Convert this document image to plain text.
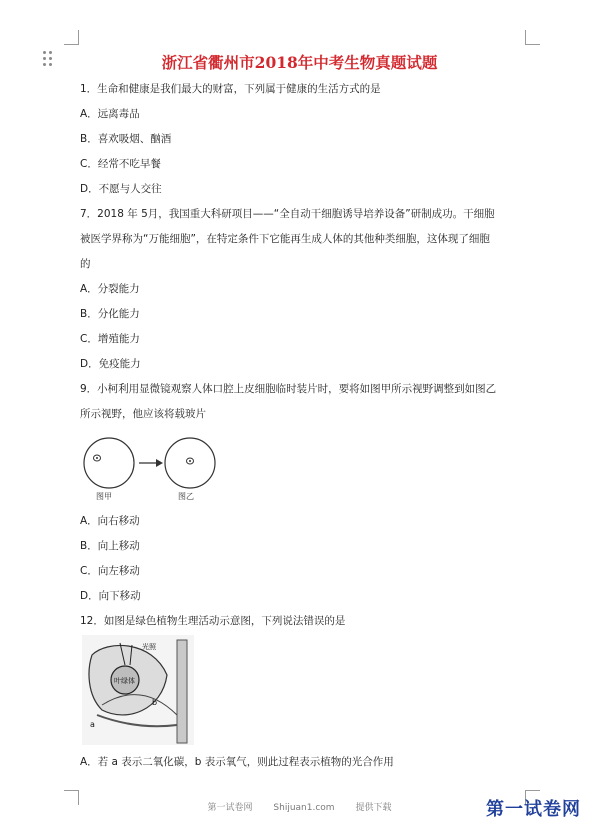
浙江省衢州市2018年中考生物真题试题
1．生命和健康是我们最大的财富，下列属于健康的生活方式的是
A．远离毒品
B．喜欢吸烟、酗酒
C．经常不吃早餐
D．不愿与人交往
7．2018 年 5月，我国重大科研项目——“全自动干细胞诱导培养设备”研制成功。干细胞
被医学界称为“万能细胞”，在特定条件下它能再生成人体的其他种类细胞，这体现了细胞
的
A．分裂能力
B．分化能力
C．增殖能力
D．免疫能力
9．小柯利用显微镜观察人体口腔上皮细胞临时装片时，要将如图甲所示视野调整到如图乙
所示视野，他应该将载玻片
图甲	图乙
A．向右移动
B．向上移动
C．向左移动
D．向下移动
12．如图是绿色植物生理活动示意图，下列说法错误的是
叶绿体
光照
a
b
A．若 a 表示二氧化碳，b 表示氧气，则此过程表示植物的光合作用
第一试卷网 Shijuan1.com 提供下载	第一试卷网
